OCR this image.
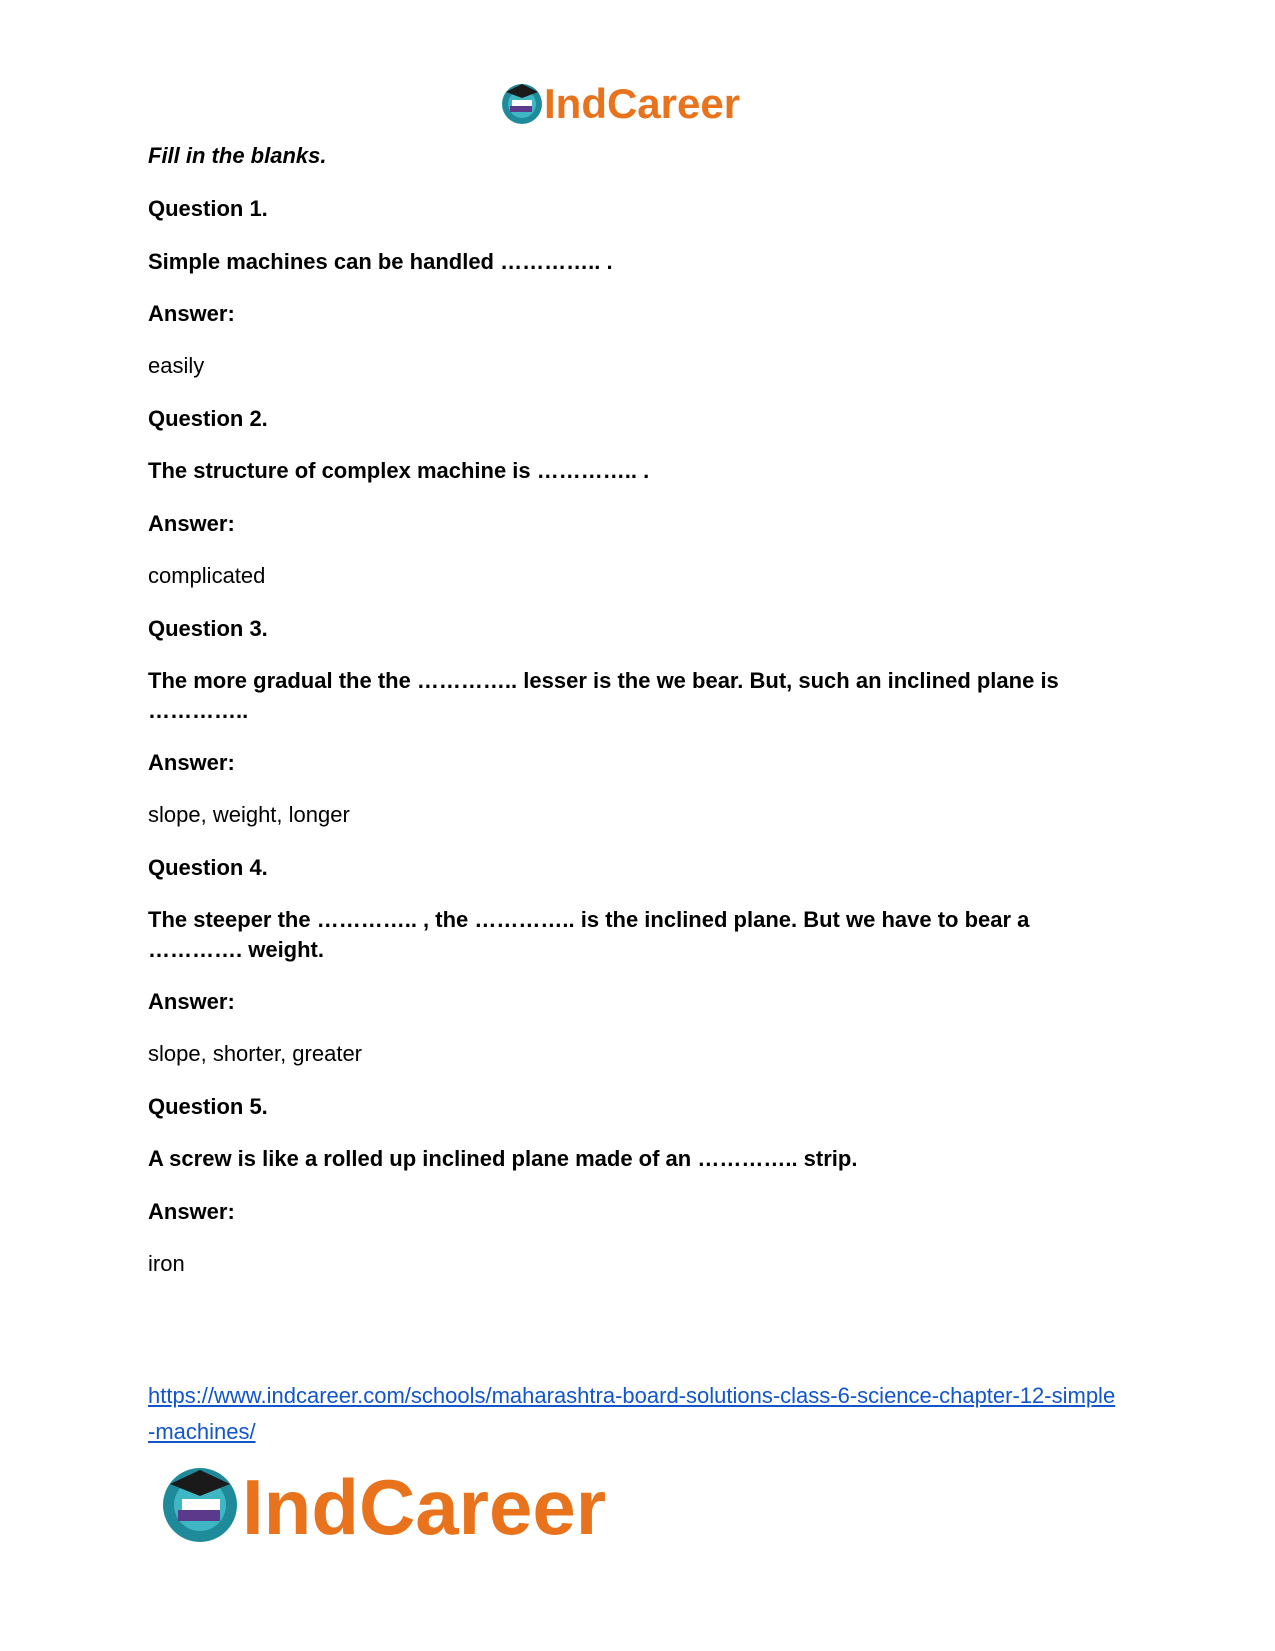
IndCareer
Fill in the blanks.
Question 1.
Simple machines can be handled ………….. .
Answer:
easily
Question 2.
The structure of complex machine is ………….. .
Answer:
complicated
Question 3.
The more gradual the the ………….. lesser is the we bear. But, such an inclined plane is …………..
Answer:
slope, weight, longer
Question 4.
The steeper the ………….. , the ………….. is the inclined plane. But we have to bear a …………. weight.
Answer:
slope, shorter, greater
Question 5.
A screw is like a rolled up inclined plane made of an ………….. strip.
Answer:
iron
https://www.indcareer.com/schools/maharashtra-board-solutions-class-6-science-chapter-12-simple-machines/
IndCareer
